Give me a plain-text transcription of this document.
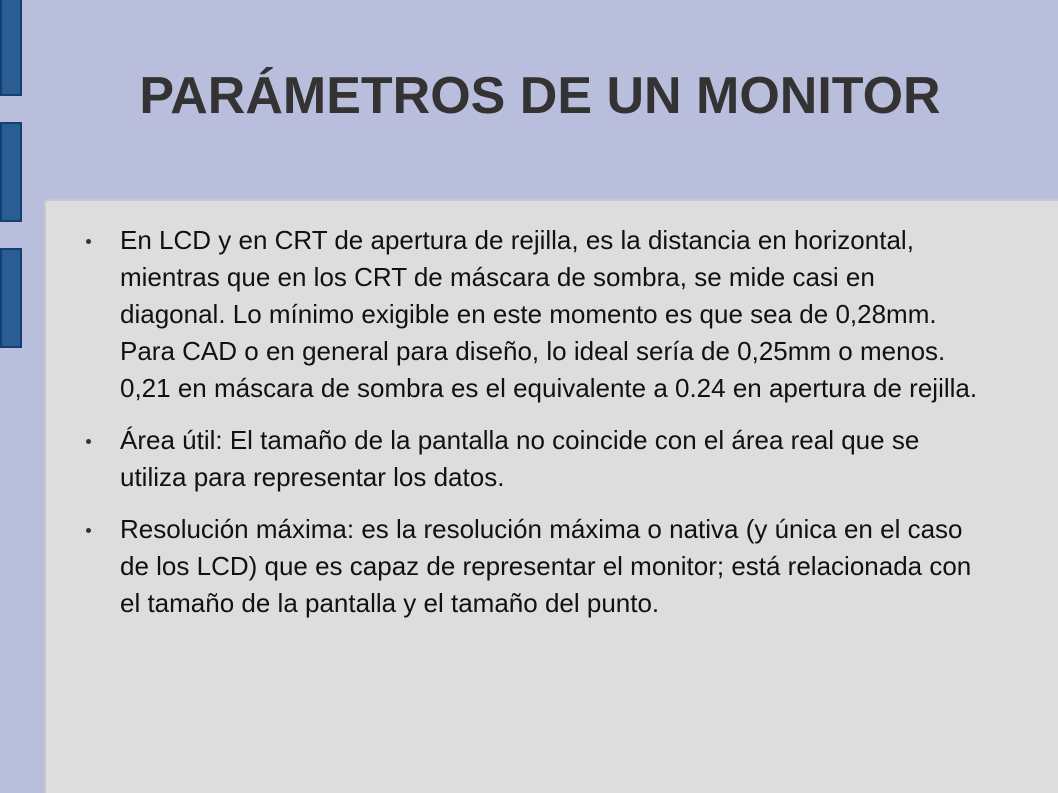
PARÁMETROS DE UN MONITOR
En LCD y en CRT de apertura de rejilla, es la distancia en horizontal, mientras que en los CRT de máscara de sombra, se mide casi en diagonal. Lo mínimo exigible en este momento es que sea de 0,28mm. Para CAD o en general para diseño, lo ideal sería de 0,25mm o menos. 0,21 en máscara de sombra es el equivalente a 0.24 en apertura de rejilla.
Área útil: El tamaño de la pantalla no coincide con el área real que se utiliza para representar los datos.
Resolución máxima: es la resolución máxima o nativa (y única en el caso de los LCD) que es capaz de representar el monitor; está relacionada con el tamaño de la pantalla y el tamaño del punto.
